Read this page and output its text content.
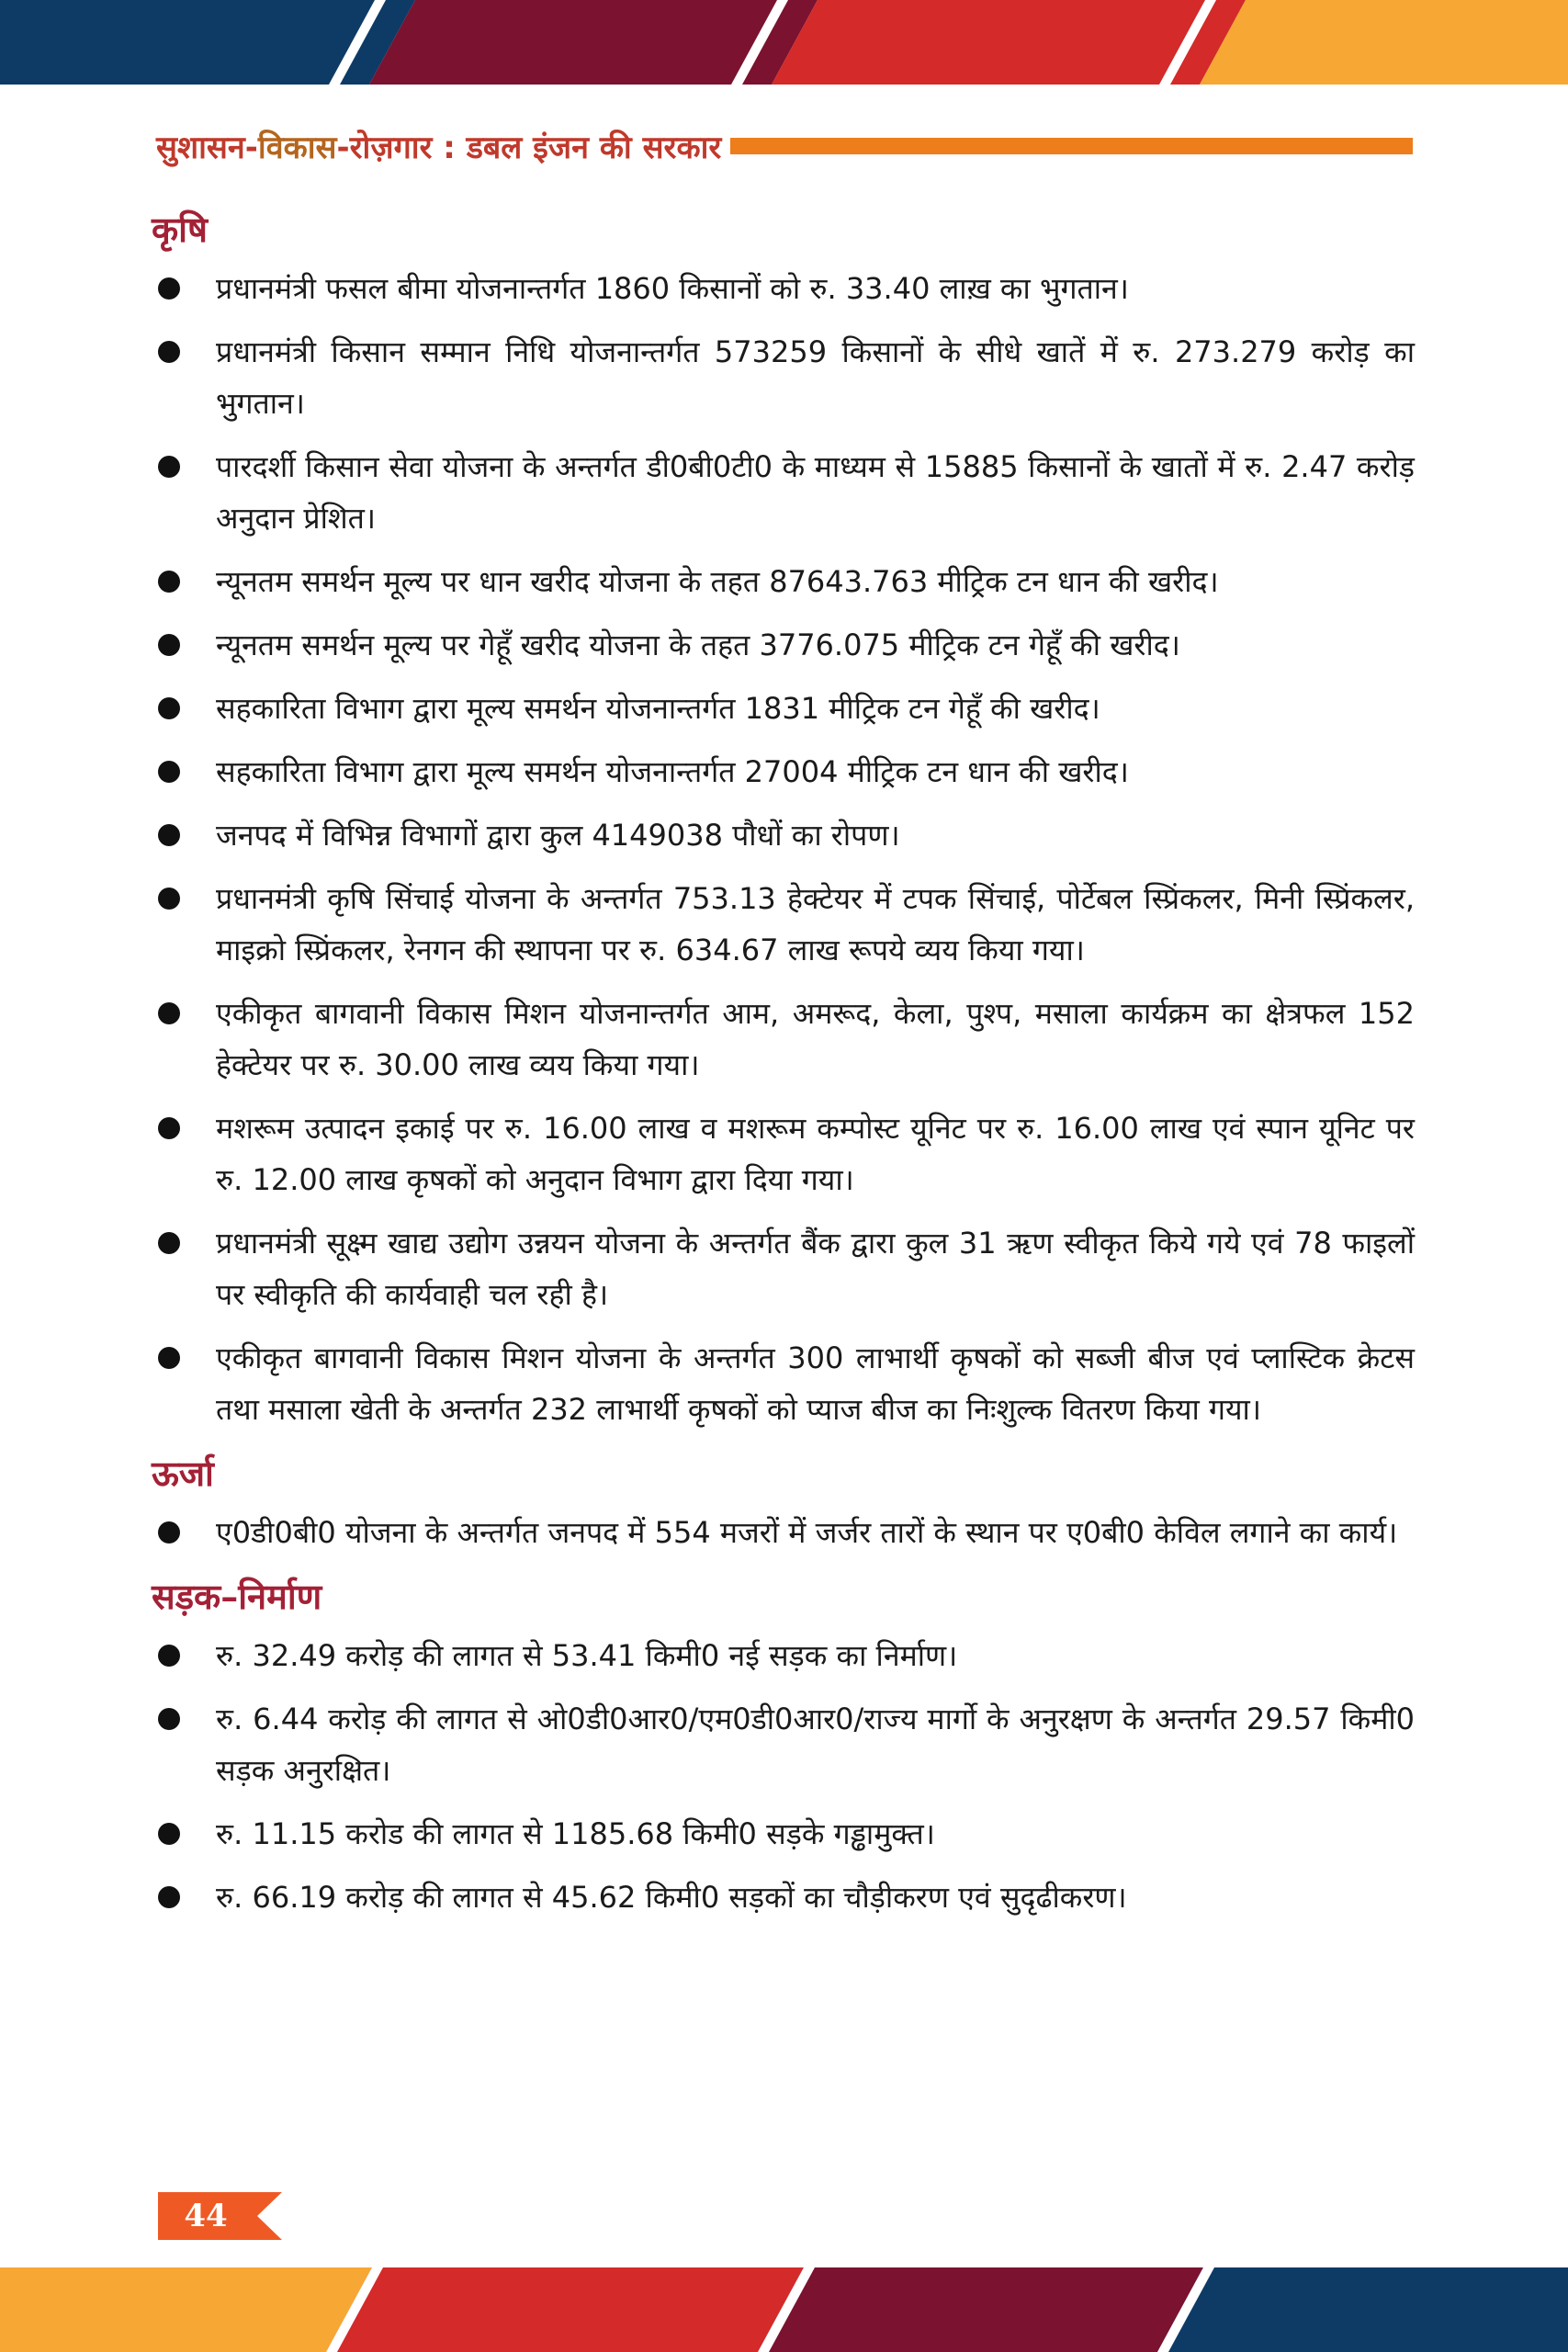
सुशासन-विकास-रोज़गार : डबल इंजन की सरकार
कृषि
प्रधानमंत्री फसल बीमा योजनान्तर्गत 1860 किसानों को रु. 33.40 लाख़ का भुगतान।
प्रधानमंत्री किसान सम्मान निधि योजनान्तर्गत 573259 किसानों के सीधे खातें में रु. 273.279 करोड़ का भुगतान।
पारदर्शी किसान सेवा योजना के अन्तर्गत डी0बी0टी0 के माध्यम से 15885 किसानों के खातों में रु. 2.47 करोड़ अनुदान प्रेशित।
न्यूनतम समर्थन मूल्य पर धान खरीद योजना के तहत 87643.763 मीट्रिक टन धान की खरीद।
न्यूनतम समर्थन मूल्य पर गेहूँ खरीद योजना के तहत 3776.075 मीट्रिक टन गेहूँ की खरीद।
सहकारिता विभाग द्वारा मूल्य समर्थन योजनान्तर्गत 1831 मीट्रिक टन गेहूँ की खरीद।
सहकारिता विभाग द्वारा मूल्य समर्थन योजनान्तर्गत 27004 मीट्रिक टन धान की खरीद।
जनपद में विभिन्न विभागों द्वारा कुल 4149038 पौधों का रोपण।
प्रधानमंत्री कृषि सिंचाई योजना के अन्तर्गत 753.13 हेक्टेयर में टपक सिंचाई, पोर्टेबल स्प्रिंकलर, मिनी स्प्रिंकलर, माइक्रो स्प्रिंकलर, रेनगन की स्थापना पर रु. 634.67 लाख रूपये व्यय किया गया।
एकीकृत बागवानी विकास मिशन योजनान्तर्गत आम, अमरूद, केला, पुश्प, मसाला कार्यक्रम का क्षेत्रफल 152 हेक्टेयर पर रु. 30.00 लाख व्यय किया गया।
मशरूम उत्पादन इकाई पर रु. 16.00 लाख व मशरूम कम्पोस्ट यूनिट पर रु. 16.00 लाख एवं स्पान यूनिट पर रु. 12.00 लाख कृषकों को अनुदान विभाग द्वारा दिया गया।
प्रधानमंत्री सूक्ष्म खाद्य उद्योग उन्नयन योजना के अन्तर्गत बैंक द्वारा कुल 31 ऋण स्वीकृत किये गये एवं 78 फाइलों पर स्वीकृति की कार्यवाही चल रही है।
एकीकृत बागवानी विकास मिशन योजना के अन्तर्गत 300 लाभार्थी कृषकों को सब्जी बीज एवं प्लास्टिक क्रेटस तथा मसाला खेती के अन्तर्गत 232 लाभार्थी कृषकों को प्याज बीज का निःशुल्क वितरण किया गया।
ऊर्जा
ए0डी0बी0 योजना के अन्तर्गत जनपद में 554 मजरों में जर्जर तारों के स्थान पर ए0बी0 केविल लगाने का कार्य।
सड़क–निर्माण
रु. 32.49 करोड़ की लागत से 53.41 किमी0 नई सड़क का निर्माण।
रु. 6.44 करोड़ की लागत से ओ0डी0आर0/एम0डी0आर0/राज्य मार्गो के अनुरक्षण के अन्तर्गत 29.57 किमी0 सड़क अनुरक्षित।
रु. 11.15 करोड की लागत से 1185.68 किमी0 सड़के गड्ढामुक्त।
रु. 66.19 करोड़ की लागत से 45.62 किमी0 सड़कों का चौड़ीकरण एवं सुदृढीकरण।
44
